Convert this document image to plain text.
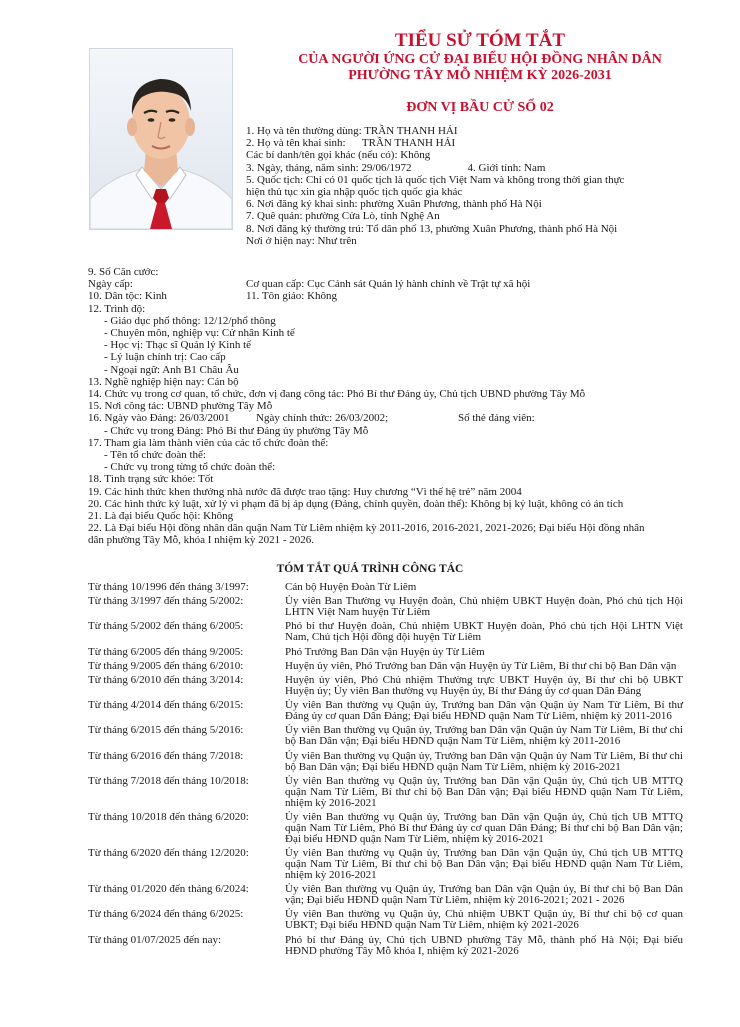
TIỂU SỬ TÓM TẮT
CỦA NGƯỜI ỨNG CỬ ĐẠI BIỂU HỘI ĐỒNG NHÂN DÂN
PHƯỜNG TÂY MỖ NHIỆM KỲ 2026-2031
ĐƠN VỊ BẦU CỬ SỐ 02
1. Họ và tên thường dùng: TRẦN THANH HẢI
2. Họ và tên khai sinh:      TRẦN THANH HẢI
Các bí danh/tên gọi khác (nếu có): Không
3. Ngày, tháng, năm sinh: 29/06/1972	4. Giới tính: Nam
5. Quốc tịch: Chỉ có 01 quốc tịch là quốc tịch Việt Nam và không trong thời gian thực
hiện thủ tục xin gia nhập quốc tịch quốc gia khác
6. Nơi đăng ký khai sinh: phường Xuân Phương, thành phố Hà Nội
7. Quê quán: phường Cửa Lò, tỉnh Nghệ An
8. Nơi đăng ký thường trú: Tổ dân phố 13, phường Xuân Phương, thành phố Hà Nội
Nơi ở hiện nay: Như trên
9. Số Căn cước:
Ngày cấp:	Cơ quan cấp: Cục Cảnh sát Quản lý hành chính về Trật tự xã hội
10. Dân tộc: Kinh	11. Tôn giáo: Không
12. Trình độ:
- Giáo dục phổ thông: 12/12/phổ thông
- Chuyên môn, nghiệp vụ: Cử nhân Kinh tế
- Học vị: Thạc sĩ Quản lý Kinh tế
- Lý luận chính trị: Cao cấp
- Ngoại ngữ: Anh B1 Châu Âu
13. Nghề nghiệp hiện nay: Cán bộ
14. Chức vụ trong cơ quan, tổ chức, đơn vị đang công tác: Phó Bí thư Đảng ủy, Chủ tịch UBND phường Tây Mỗ
15. Nơi công tác: UBND phường Tây Mỗ
16. Ngày vào Đảng: 26/03/2001 Ngày chính thức: 26/03/2002;	Số thẻ đảng viên:
- Chức vụ trong Đảng: Phó Bí thư Đảng ủy phường Tây Mỗ
17. Tham gia làm thành viên của các tổ chức đoàn thể:
- Tên tổ chức đoàn thể:
- Chức vụ trong từng tổ chức đoàn thể:
18. Tình trạng sức khỏe: Tốt
19. Các hình thức khen thưởng nhà nước đã được trao tặng: Huy chương “Vì thế hệ trẻ” năm 2004
20. Các hình thức kỷ luật, xử lý vi phạm đã bị áp dụng (Đảng, chính quyền, đoàn thể): Không bị kỷ luật, không có án tích
21. Là đại biểu Quốc hội: Không
22. Là Đại biểu Hội đồng nhân dân quận Nam Từ Liêm nhiệm kỳ 2011-2016, 2016-2021, 2021-2026; Đại biểu Hội đồng nhân dân phường Tây Mỗ, khóa I nhiệm kỳ 2021 - 2026.
TÓM TẮT QUÁ TRÌNH CÔNG TÁC
Từ tháng 10/1996 đến tháng 3/1997:	Cán bộ Huyện Đoàn Từ Liêm
Từ tháng 3/1997 đến tháng 5/2002:	Ủy viên Ban Thường vụ Huyện đoàn, Chủ nhiệm UBKT Huyện đoàn, Phó chủ tịch Hội LHTN Việt Nam huyện Từ Liêm
Từ tháng 5/2002 đến tháng 6/2005:	Phó bí thư Huyện đoàn, Chủ nhiệm UBKT Huyện đoàn, Phó chủ tịch Hội LHTN Việt Nam, Chủ tịch Hội đồng đội huyện Từ Liêm
Từ tháng 6/2005 đến tháng 9/2005:	Phó Trưởng Ban Dân vận Huyện ủy Từ Liêm
Từ tháng 9/2005 đến tháng 6/2010:	Huyện ủy viên, Phó Trưởng ban Dân vận Huyện ủy Từ Liêm, Bí thư chi bộ Ban Dân vận
Từ tháng 6/2010 đến tháng 3/2014:	Huyện ủy viên, Phó Chủ nhiệm Thường trực UBKT Huyện ủy, Bí thư chi bộ UBKT Huyện ủy; Ủy viên Ban thường vụ Huyện ủy, Bí thư Đảng ủy cơ quan Dân Đảng
Từ tháng 4/2014 đến tháng 6/2015:	Ủy viên Ban thường vụ Quận ủy, Trưởng ban Dân vận Quận ủy Nam Từ Liêm, Bí thư Đảng ủy cơ quan Dân Đảng; Đại biểu HĐND quận Nam Từ Liêm, nhiệm kỳ 2011-2016
Từ tháng 6/2015 đến tháng 5/2016:	Ủy viên Ban thường vụ Quận ủy, Trưởng ban Dân vận Quận ủy Nam Từ Liêm, Bí thư chi bộ Ban Dân vận; Đại biểu HĐND quận Nam Từ Liêm, nhiệm kỳ 2011-2016
Từ tháng 6/2016 đến tháng 7/2018:	Ủy viên Ban thường vụ Quận ủy, Trưởng ban Dân vận Quận ủy Nam Từ Liêm, Bí thư chi bộ Ban Dân vận; Đại biểu HĐND quận Nam Từ Liêm, nhiệm kỳ 2016-2021
Từ tháng 7/2018 đến tháng 10/2018:	Ủy viên Ban thường vụ Quận ủy, Trưởng ban Dân vận Quận ủy, Chủ tịch UB MTTQ quận Nam Từ Liêm, Bí thư chi bộ Ban Dân vận; Đại biểu HĐND quận Nam Từ Liêm, nhiệm kỳ 2016-2021
Từ tháng 10/2018 đến tháng 6/2020:	Ủy viên Ban thường vụ Quận ủy, Trưởng ban Dân vận Quận ủy, Chủ tịch UB MTTQ quận Nam Từ Liêm, Phó Bí thư Đảng ủy cơ quan Dân Đảng; Bí thư chi bộ Ban Dân vận; Đại biểu HĐND quận Nam Từ Liêm, nhiệm kỳ 2016-2021
Từ tháng 6/2020 đến tháng 12/2020:	Ủy viên Ban thường vụ Quận ủy, Trưởng ban Dân vận Quận ủy, Chủ tịch UB MTTQ quận Nam Từ Liêm, Bí thư chi bộ Ban Dân vận; Đại biểu HĐND quận Nam Từ Liêm, nhiệm kỳ 2016-2021
Từ tháng 01/2020 đến tháng 6/2024:	Ủy viên Ban thường vụ Quận ủy, Trưởng ban Dân vận Quận ủy, Bí thư chi bộ Ban Dân vận; Đại biểu HĐND quận Nam Từ Liêm, nhiệm kỳ 2016-2021; 2021 - 2026
Từ tháng 6/2024 đến tháng 6/2025:	Ủy viên Ban thường vụ Quận ủy, Chủ nhiệm UBKT Quận ủy, Bí thư chi bộ cơ quan UBKT; Đại biểu HĐND quận Nam Từ Liêm, nhiệm kỳ 2021-2026
Từ tháng 01/07/2025 đến nay:	Phó bí thư Đảng ủy, Chủ tịch UBND phường Tây Mỗ, thành phố Hà Nội; Đại biểu HĐND phường Tây Mỗ khóa I, nhiệm kỳ 2021-2026
